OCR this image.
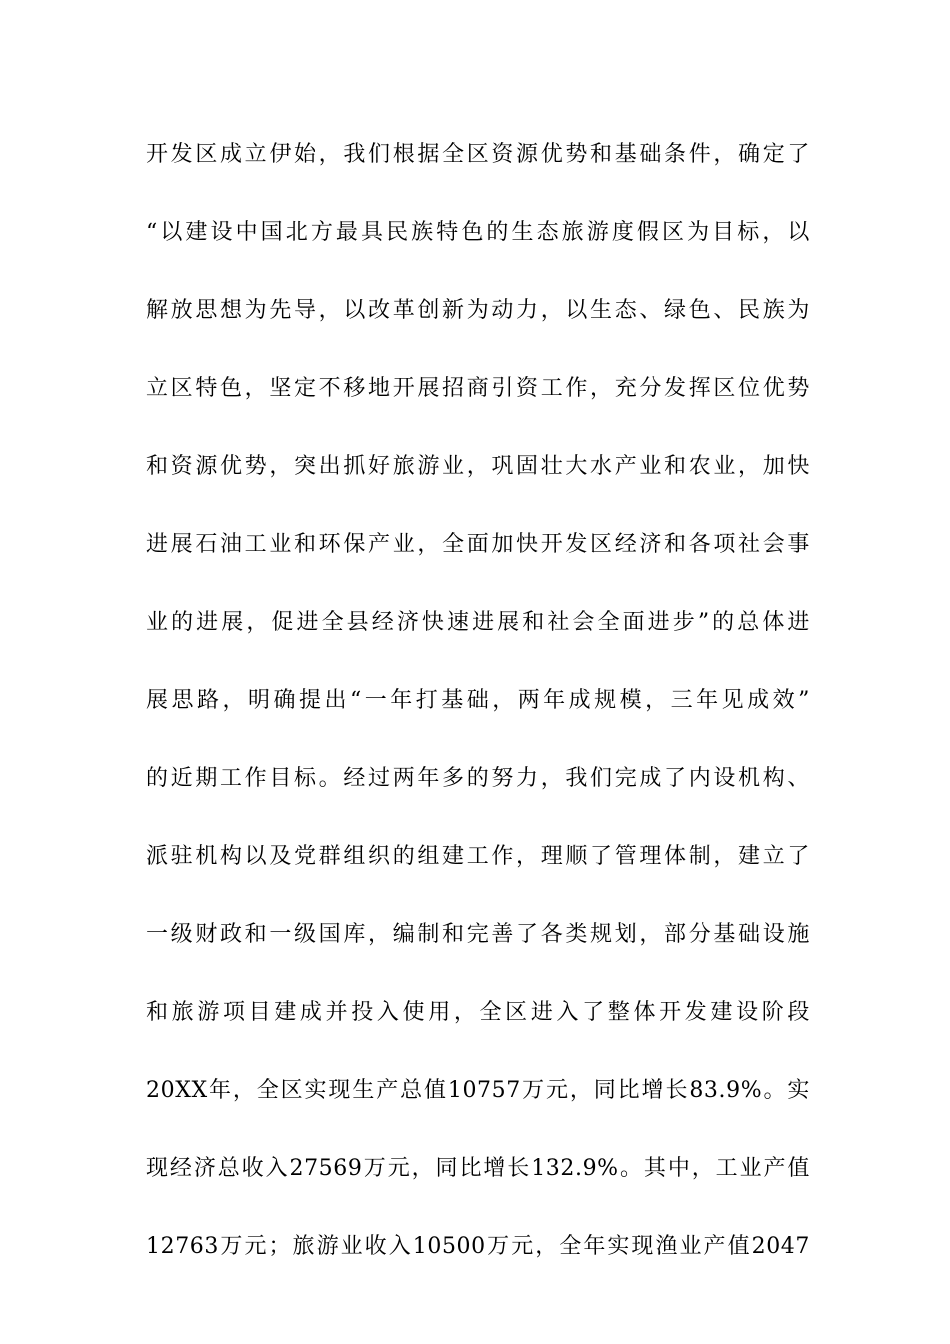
开发区成立伊始，我们根据全区资源优势和基础条件，确定了
“以建设中国北方最具民族特色的生态旅游度假区为目标，以
解放思想为先导，以改革创新为动力，以生态、绿色、民族为
立区特色，坚定不移地开展招商引资工作，充分发挥区位优势
和资源优势，突出抓好旅游业，巩固壮大水产业和农业，加快
进展石油工业和环保产业，全面加快开发区经济和各项社会事
业的进展，促进全县经济快速进展和社会全面进步”的总体进
展思路，明确提出“一年打基础，两年成规模，三年见成效”
的近期工作目标。经过两年多的努力，我们完成了内设机构、
派驻机构以及党群组织的组建工作，理顺了管理体制，建立了
一级财政和一级国库，编制和完善了各类规划，部分基础设施
和旅游项目建成并投入使用，全区进入了整体开发建设阶段
20XX年，全区实现生产总值10757万元，同比增长83.9%。实
现经济总收入27569万元，同比增长132.9%。其中，工业产值
12763万元；旅游业收入10500万元，全年实现渔业产值2047
